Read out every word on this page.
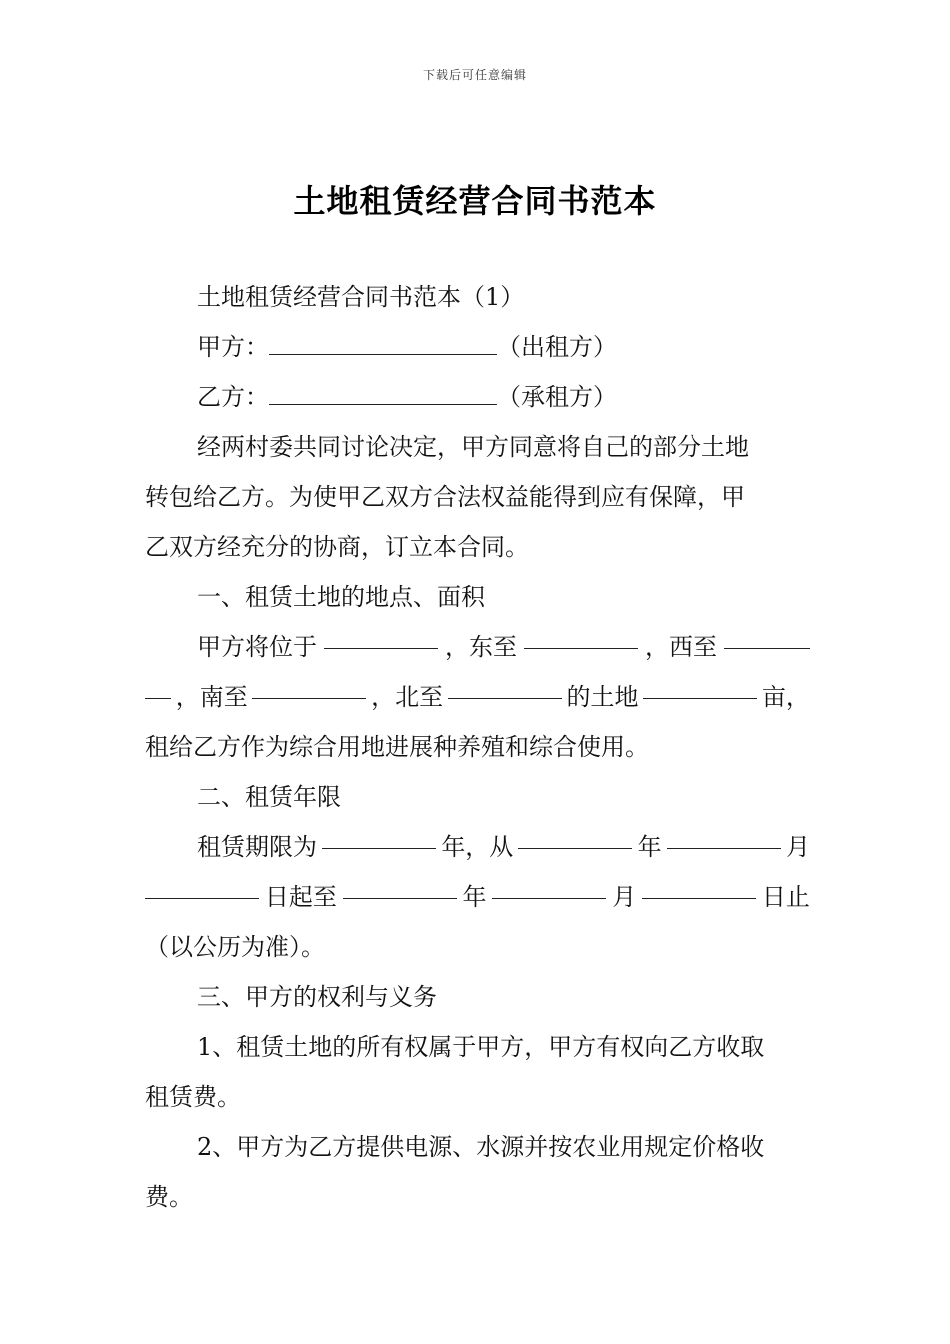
下载后可任意编辑
土地租赁经营合同书范本
土地租赁经营合同书范本（1）
甲方：	（出租方）
乙方：	（承租方）
经两村委共同讨论决定，甲方同意将自己的部分土地
转包给乙方。为使甲乙双方合法权益能得到应有保障，甲
乙双方经充分的协商，订立本合同。
一、租赁土地的地点、面积
甲方将位于	，东至	，西至
，南至	，北至	的土地	亩，
租给乙方作为综合用地进展种养殖和综合使用。
二、租赁年限
租赁期限为	年，从	年	月
日起至	年	月	日止
（以公历为准）。
三、甲方的权利与义务
1、租赁土地的所有权属于甲方，甲方有权向乙方收取
租赁费。
2、甲方为乙方提供电源、水源并按农业用规定价格收
费。
